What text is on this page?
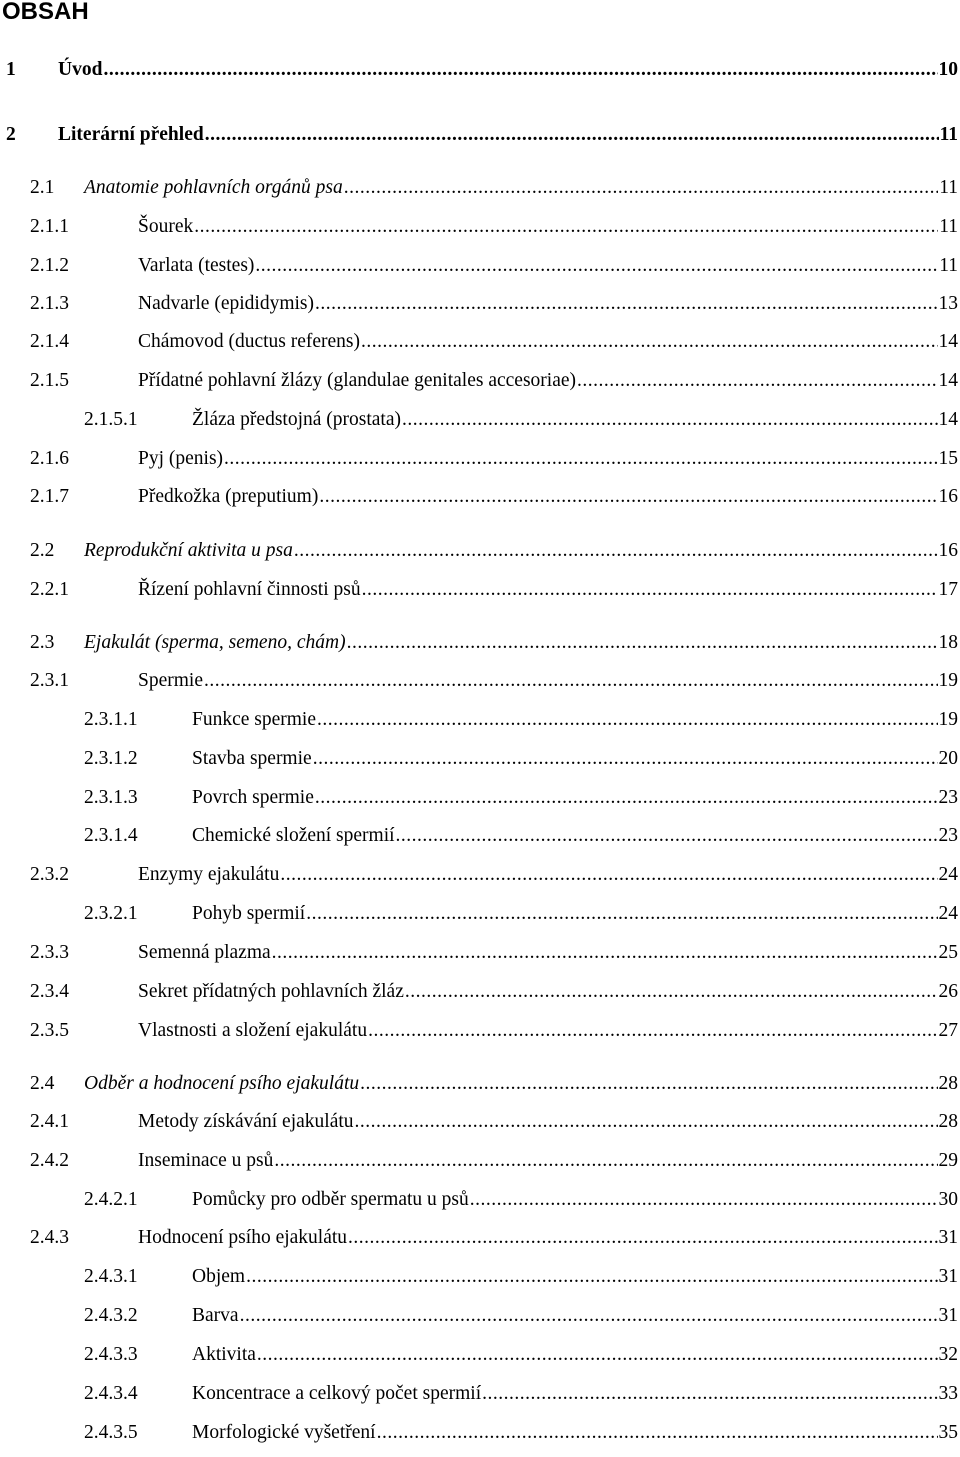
OBSAH
1	Úvod .....	10
2	Literární přehled .....	11
2.1	Anatomie pohlavních orgánů psa .....	11
2.1.1	Šourek .....	11
2.1.2	Varlata (testes) .....	11
2.1.3	Nadvarle (epididymis) .....	13
2.1.4	Chámovod (ductus referens) .....	14
2.1.5	Přídatné pohlavní žlázy (glandulae genitales accesoriae) .....	14
2.1.5.1	Žláza předstojná (prostata) .....	14
2.1.6	Pyj (penis) .....	15
2.1.7	Předkožka (preputium) .....	16
2.2	Reprodukční aktivita u psa .....	16
2.2.1	Řízení pohlavní činnosti psů .....	17
2.3	Ejakulát (sperma, semeno, chám) .....	18
2.3.1	Spermie .....	19
2.3.1.1	Funkce spermie .....	19
2.3.1.2	Stavba spermie .....	20
2.3.1.3	Povrch spermie .....	23
2.3.1.4	Chemické složení spermií .....	23
2.3.2	Enzymy ejakulátu .....	24
2.3.2.1	Pohyb spermií .....	24
2.3.3	Semenná plazma .....	25
2.3.4	Sekret přídatných pohlavních žláz .....	26
2.3.5	Vlastnosti a složení ejakulátu .....	27
2.4	Odběr a hodnocení psího ejakulátu .....	28
2.4.1	Metody získávání ejakulátu .....	28
2.4.2	Inseminace u psů .....	29
2.4.2.1	Pomůcky pro odběr spermatu u psů .....	30
2.4.3	Hodnocení psího ejakulátu .....	31
2.4.3.1	Objem .....	31
2.4.3.2	Barva .....	31
2.4.3.3	Aktivita .....	32
2.4.3.4	Koncentrace a celkový počet spermií .....	33
2.4.3.5	Morfologické vyšetření .....	35
